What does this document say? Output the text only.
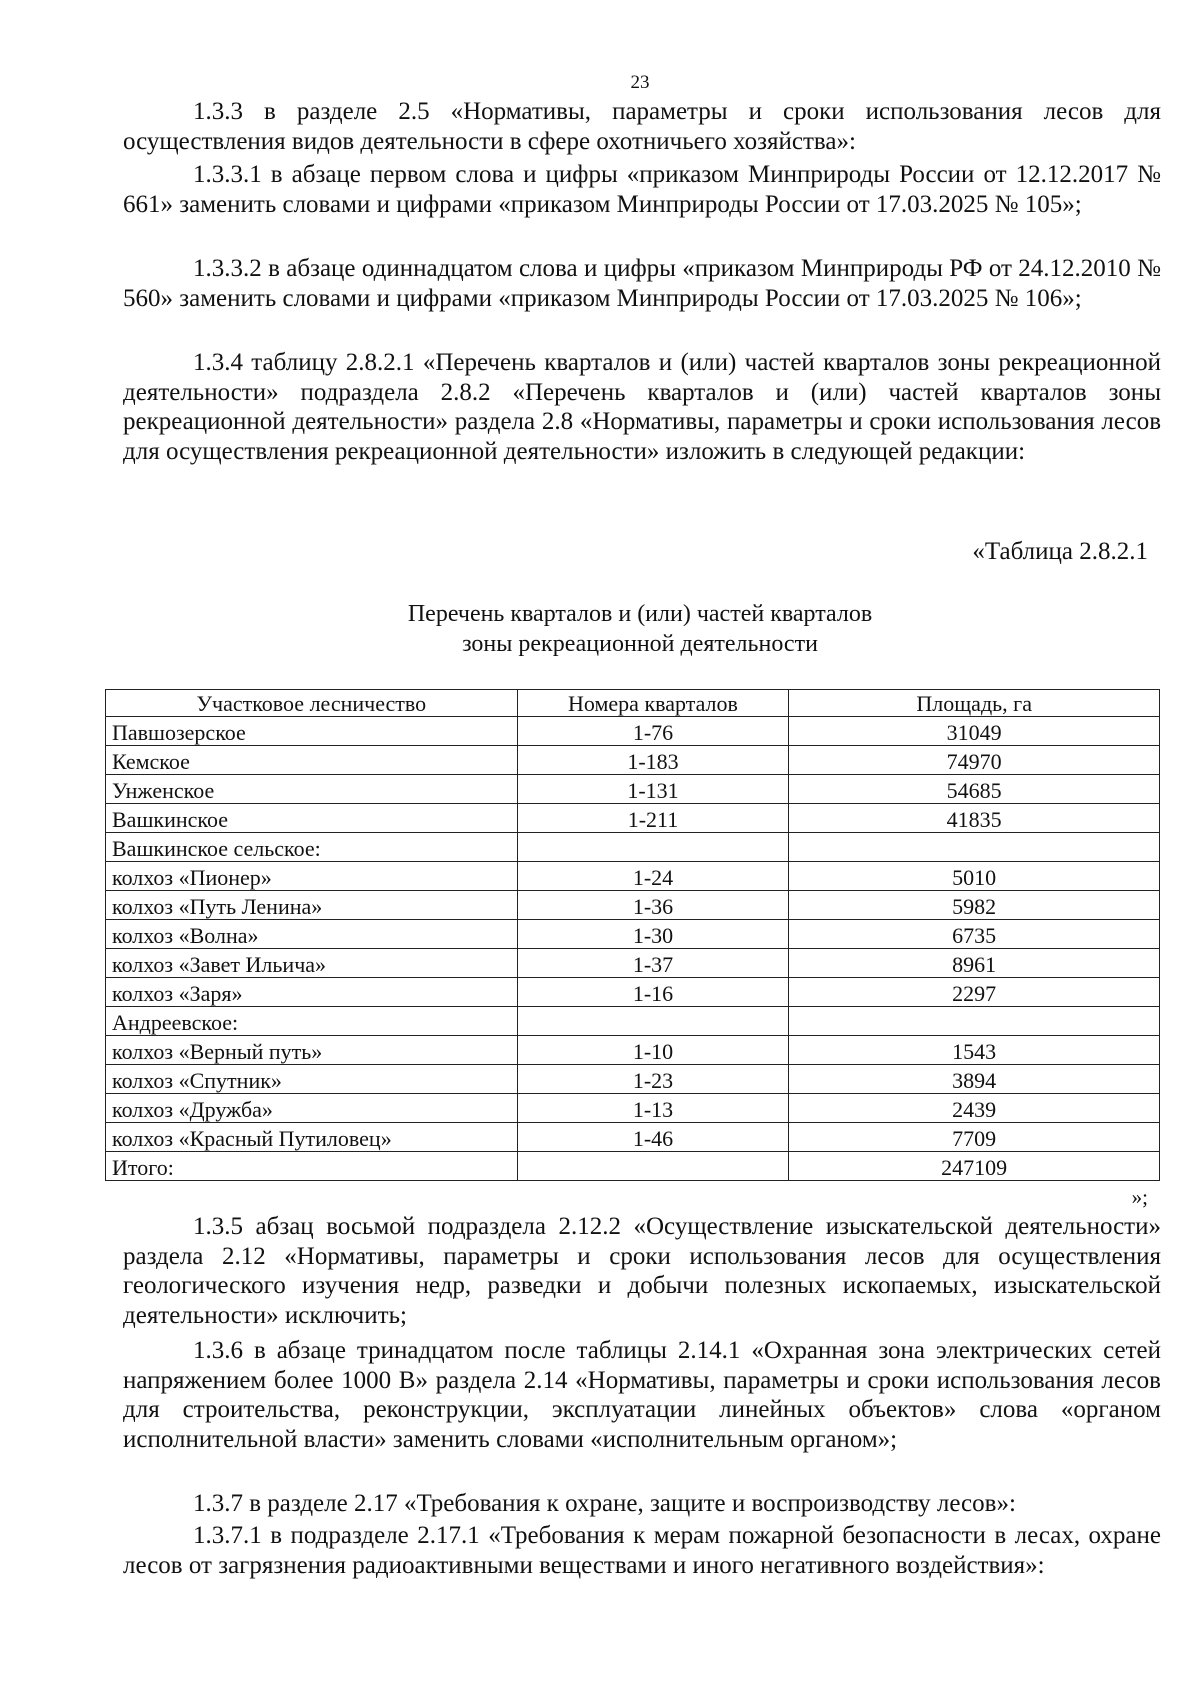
23

1.3.3 в разделе 2.5 «Нормативы, параметры и сроки использования лесов для осуществления видов деятельности в сфере охотничьего хозяйства»:

1.3.3.1 в абзаце первом слова и цифры «приказом Минприроды России от 12.12.2017 № 661» заменить словами и цифрами «приказом Минприроды России от 17.03.2025 № 105»;

1.3.3.2 в абзаце одиннадцатом слова и цифры «приказом Минприроды РФ от 24.12.2010 № 560» заменить словами и цифрами «приказом Минприроды России от 17.03.2025 № 106»;

1.3.4 таблицу 2.8.2.1 «Перечень кварталов и (или) частей кварталов зоны рекреационной деятельности» подраздела 2.8.2 «Перечень кварталов и (или) частей кварталов зоны рекреационной деятельности» раздела 2.8 «Нормативы, параметры и сроки использования лесов для осуществления рекреационной деятельности» изложить в следующей редакции:

«Таблица 2.8.2.1
Перечень кварталов и (или) частей кварталов
зоны рекреационной деятельности
Участковое лесничество	Номера кварталов	Площадь, га
Павшозерское	1-76	31049
Кемское	1-183	74970
Унженское	1-131	54685
Вашкинское	1-211	41835
Вашкинское сельское:		
колхоз «Пионер»	1-24	5010
колхоз «Путь Ленина»	1-36	5982
колхоз «Волна»	1-30	6735
колхоз «Завет Ильича»	1-37	8961
колхоз «Заря»	1-16	2297
Андреевское:		
колхоз «Верный путь»	1-10	1543
колхоз «Спутник»	1-23	3894
колхоз «Дружба»	1-13	2439
колхоз «Красный Путиловец»	1-46	7709
Итого:		247109
»;

1.3.5 абзац восьмой подраздела 2.12.2 «Осуществление изыскательской деятельности» раздела 2.12 «Нормативы, параметры и сроки использования лесов для осуществления геологического изучения недр, разведки и добычи полезных ископаемых, изыскательской деятельности» исключить;

1.3.6 в абзаце тринадцатом после таблицы 2.14.1 «Охранная зона электрических сетей напряжением более 1000 В» раздела 2.14 «Нормативы, параметры и сроки использования лесов для строительства, реконструкции, эксплуатации линейных объектов» слова «органом исполнительной власти» заменить словами «исполнительным органом»;

1.3.7 в разделе 2.17 «Требования к охране, защите и воспроизводству лесов»:

1.3.7.1 в подразделе 2.17.1 «Требования к мерам пожарной безопасности в лесах, охране лесов от загрязнения радиоактивными веществами и иного негативного воздействия»:
